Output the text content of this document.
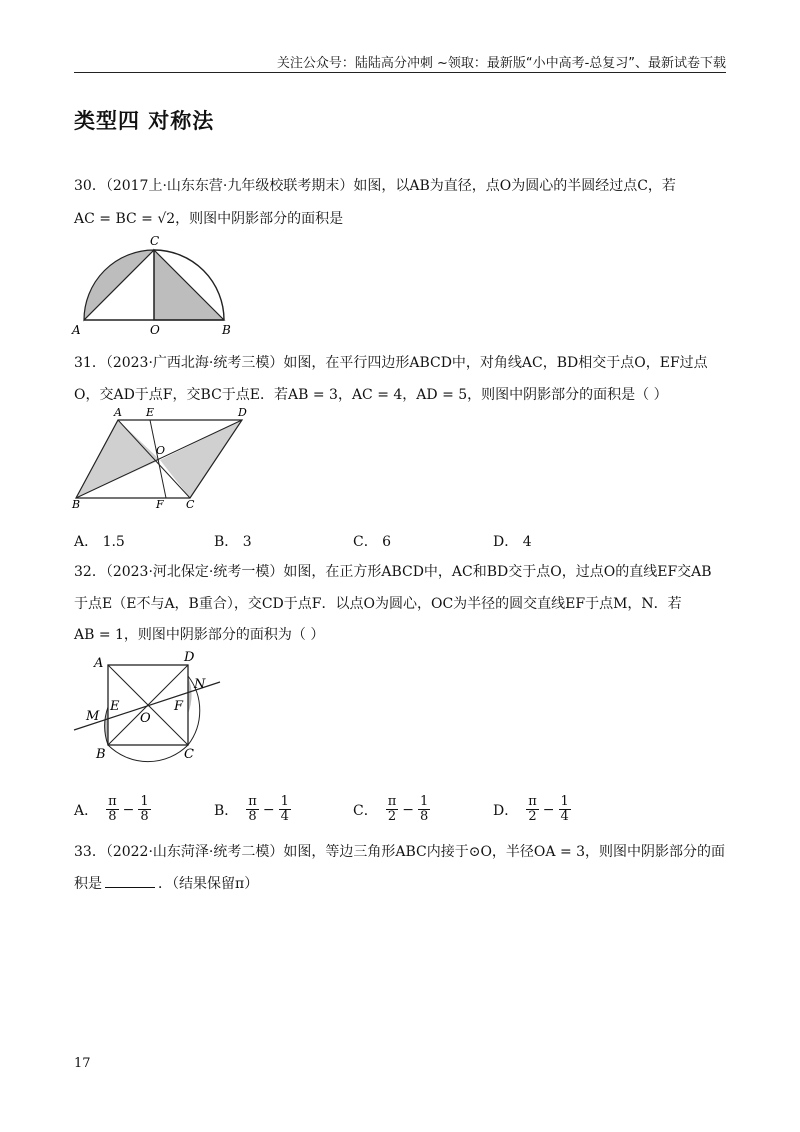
关注公众号：陆陆高分冲刺 ~领取：最新版“小中高考-总复习”、最新试卷下载
类型四 对称法
30．（2017上·山东东营·九年级校联考期末）如图，以AB为直径，点O为圆心的半圆经过点C，若
AC = BC = √2，则图中阴影部分的面积是
A	O	B
C
31．（2023·广西北海·统考三模）如图，在平行四边形ABCD中，对角线AC，BD相交于点O，EF过点
O，交AD于点F，交BC于点E．若AB = 3，AC = 4，AD = 5，则图中阴影部分的面积是（ ）
A E	D
O
B	F C
A． 1.5	B． 3	C． 6	D． 4
32．（2023·河北保定·统考一模）如图，在正方形ABCD中，AC和BD交于点O，过点O的直线EF交AB
于点E（E不与A，B重合），交CD于点F．以点O为圆心，OC为半径的圆交直线EF于点M，N．若
AB = 1，则图中阴影部分的面积为（ ）
A	D
N
M
E
O
F
B	C
A． $\frac{\pi}{8} - \frac{1}{8}$	B． $\frac{\pi}{8} - \frac{1}{4}$	C． $\frac{\pi}{2} - \frac{1}{8}$	D． $\frac{\pi}{2} - \frac{1}{4}$
33．（2022·山东菏泽·统考二模）如图，等边三角形ABC内接于⊙O，半径OA = 3，则图中阴影部分的面
积是	．（结果保留π）
17
